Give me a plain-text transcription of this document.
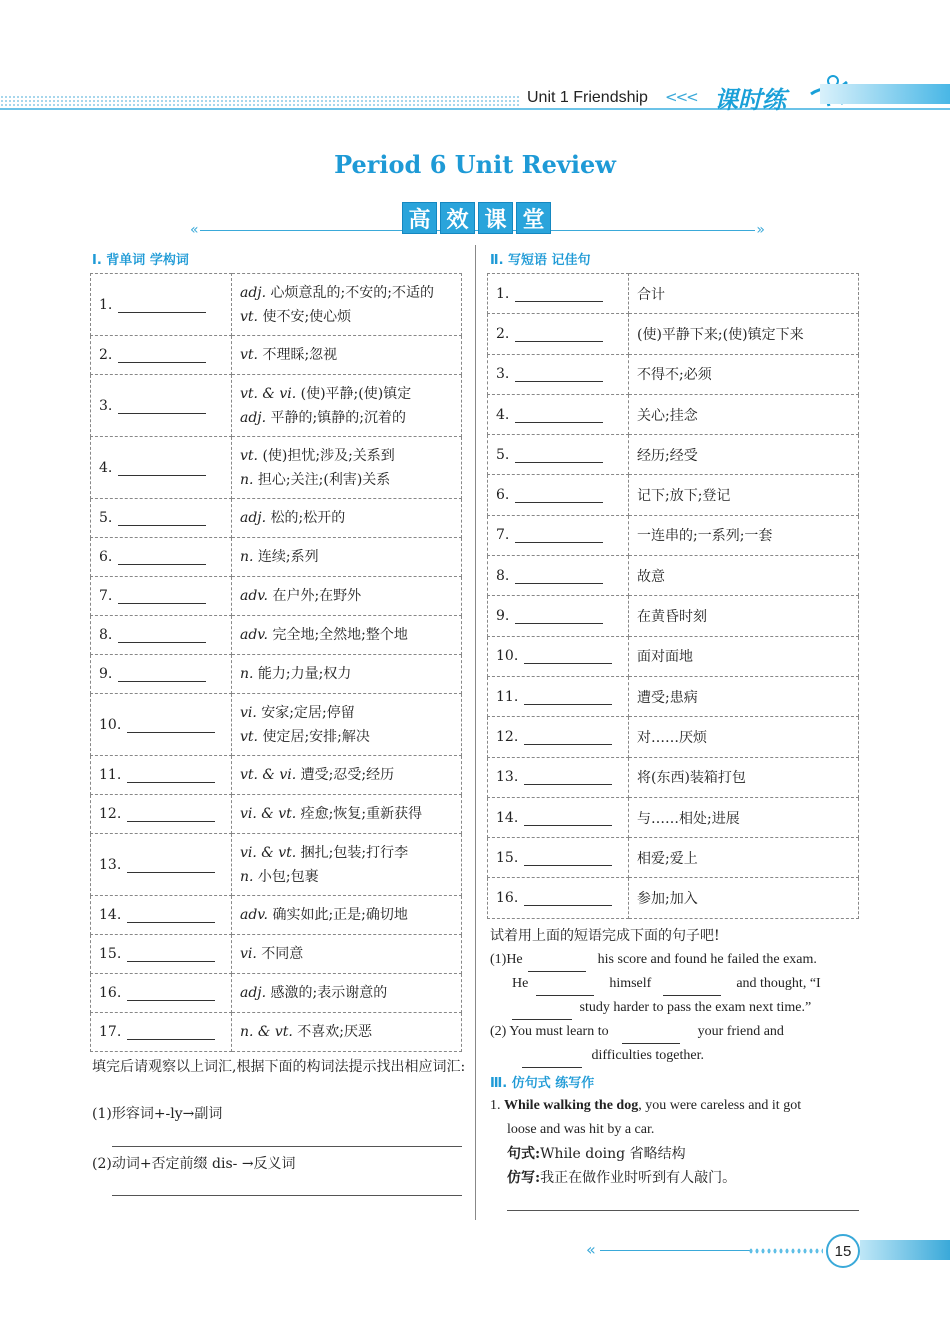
Unit 1 Friendship <<< 课时练
Period 6 Unit Review
«	»
高 效 课 堂
Ⅰ. 背单词 学构词
1.	adj. 心烦意乱的;不安的;不适的
vt. 使不安;使心烦

2.	vt. 不理睬;忽视

3.	vt. & vi. (使)平静;(使)镇定
adj. 平静的;镇静的;沉着的

4.	vt. (使)担忧;涉及;关系到
n. 担心;关注;(利害)关系

5.	adj. 松的;松开的

6.	n. 连续;系列

7.	adv. 在户外;在野外

8.	adv. 完全地;全然地;整个地

9.	n. 能力;力量;权力

10.	vi. 安家;定居;停留
vt. 使定居;安排;解决

11.	vt. & vi. 遭受;忍受;经历

12.	vi. & vt. 痊愈;恢复;重新获得

13.	vi. & vt. 捆扎;包装;打行李
n. 小包;包裹

14.	adv. 确实如此;正是;确切地

15.	vi. 不同意

16.	adj. 感激的;表示谢意的

17.	n. & vt. 不喜欢;厌恶
填完后请观察以上词汇,根据下面的构词法提示找出相应词汇:
(1)形容词+-ly→副词
(2)动词+否定前缀 dis- →反义词
Ⅱ. 写短语 记佳句
1.	合计
2.	(使)平静下来;(使)镇定下来
3.	不得不;必须
4.	关心;挂念
5.	经历;经受
6.	记下;放下;登记
7.	一连串的;一系列;一套
8.	故意
9.	在黄昏时刻
10.	面对面地
11.	遭受;患病
12.	对……厌烦
13.	将(东西)装箱打包
14.	与……相处;进展
15.	相爱;爱上
16.	参加;加入
试着用上面的短语完成下面的句子吧!
(1)He	his score and found he failed the exam.
He	himself	and thought, “I
study harder to pass the exam next time.”
(2) You must learn to	your friend and
difficulties together.
Ⅲ. 仿句式 练写作
1. While walking the dog, you were careless and it got
loose and was hit by a car.
句式:While doing 省略结构
仿写:我正在做作业时听到有人敲门。
«	15
